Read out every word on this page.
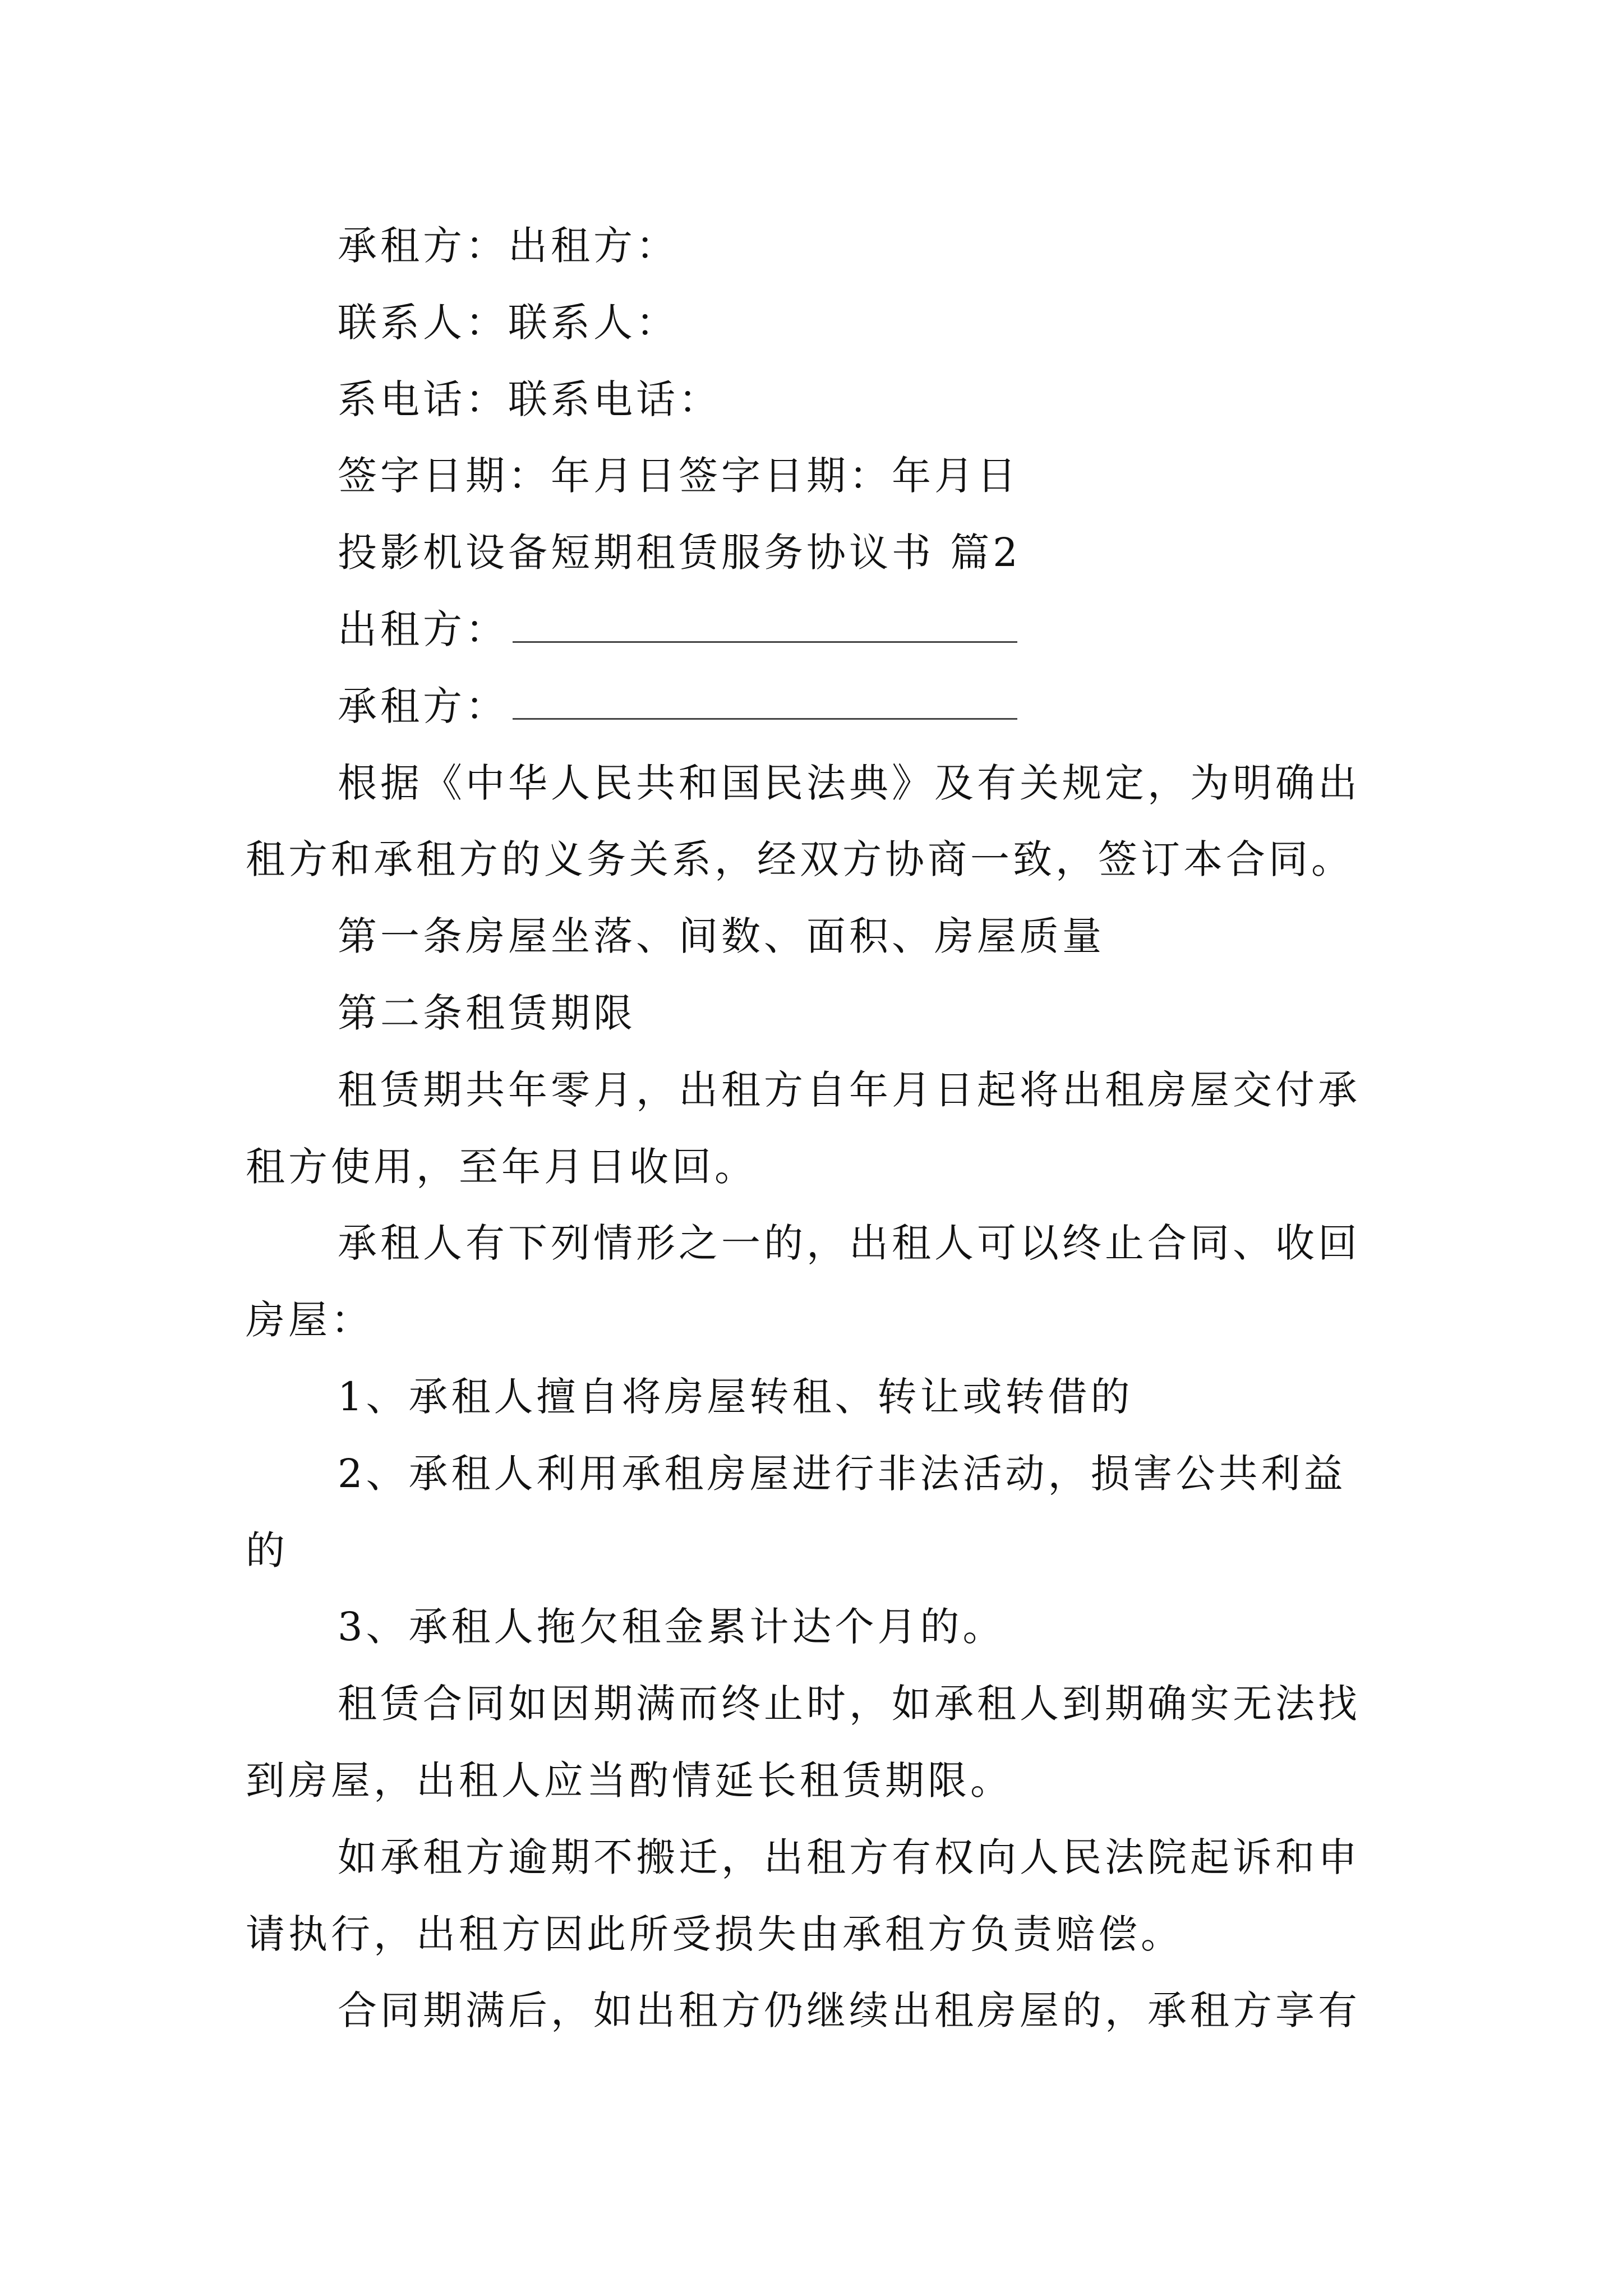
承租方：出租方：
联系人：联系人：
系电话：联系电话：
签字日期：年月日签字日期：年月日
投影机设备短期租赁服务协议书 篇2
出租方：
承租方：
根据《中华人民共和国民法典》及有关规定，为明确出
租方和承租方的义务关系，经双方协商一致，签订本合同。
第一条房屋坐落、间数、面积、房屋质量
第二条租赁期限
租赁期共年零月，出租方自年月日起将出租房屋交付承
租方使用，至年月日收回。
承租人有下列情形之一的，出租人可以终止合同、收回
房屋：
1、承租人擅自将房屋转租、转让或转借的
2、承租人利用承租房屋进行非法活动，损害公共利益
的
3、承租人拖欠租金累计达个月的。
租赁合同如因期满而终止时，如承租人到期确实无法找
到房屋，出租人应当酌情延长租赁期限。
如承租方逾期不搬迁，出租方有权向人民法院起诉和申
请执行，出租方因此所受损失由承租方负责赔偿。
合同期满后，如出租方仍继续出租房屋的，承租方享有
